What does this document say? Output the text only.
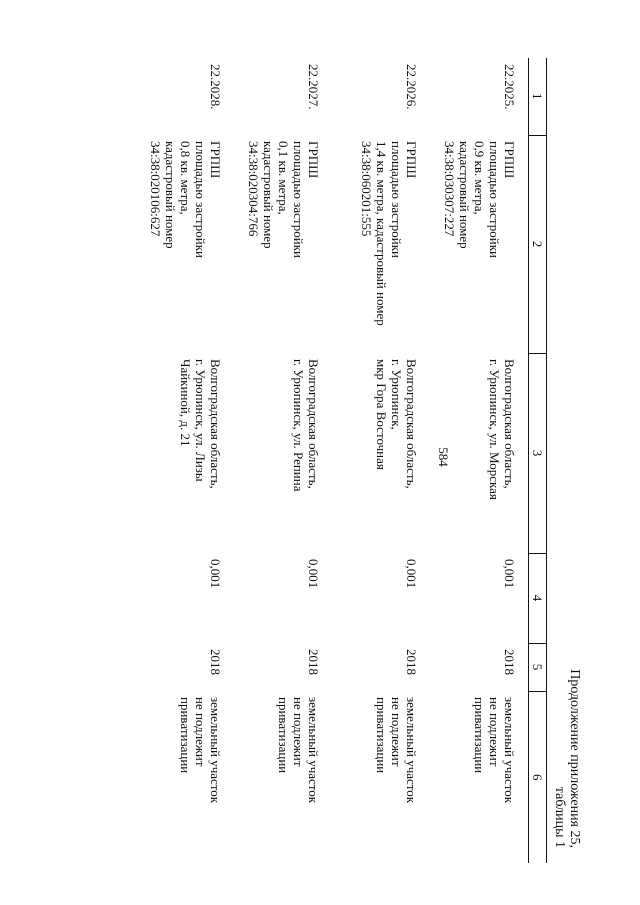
584
Продолжение приложения 25,
таблицы 1
1	2	3	4	5	6
22.2025.	ГРПШ
площадью застройки
0,9 кв. метра,
кадастровый номер
34:38:030307:227	Волгоградская область,
г. Урюпинск, ул. Морская	0,001	2018	земельный участок
не подлежит
приватизации

22.2026.	ГРПШ
площадью застройки
1,4 кв. метра, кадастровый номер
34:38:060201:555	Волгоградская область,
г. Урюпинск,
мкр Гора Восточная	0,001	2018	земельный участок
не подлежит
приватизации

22.2027.	ГРПШ
площадью застройки
0,1 кв. метра,
кадастровый номер
34:38:020304:766	Волгоградская область,
г. Урюпинск, ул. Репина	0,001	2018	земельный участок
не подлежит
приватизации

22.2028.	ГРПШ
площадью застройки
0,8 кв. метра,
кадастровый номер
34:38:020106:627	Волгоградская область,
г. Урюпинск, ул. Лизы
Чайкиной, д. 21	0,001	2018	земельный участок
не подлежит
приватизации
